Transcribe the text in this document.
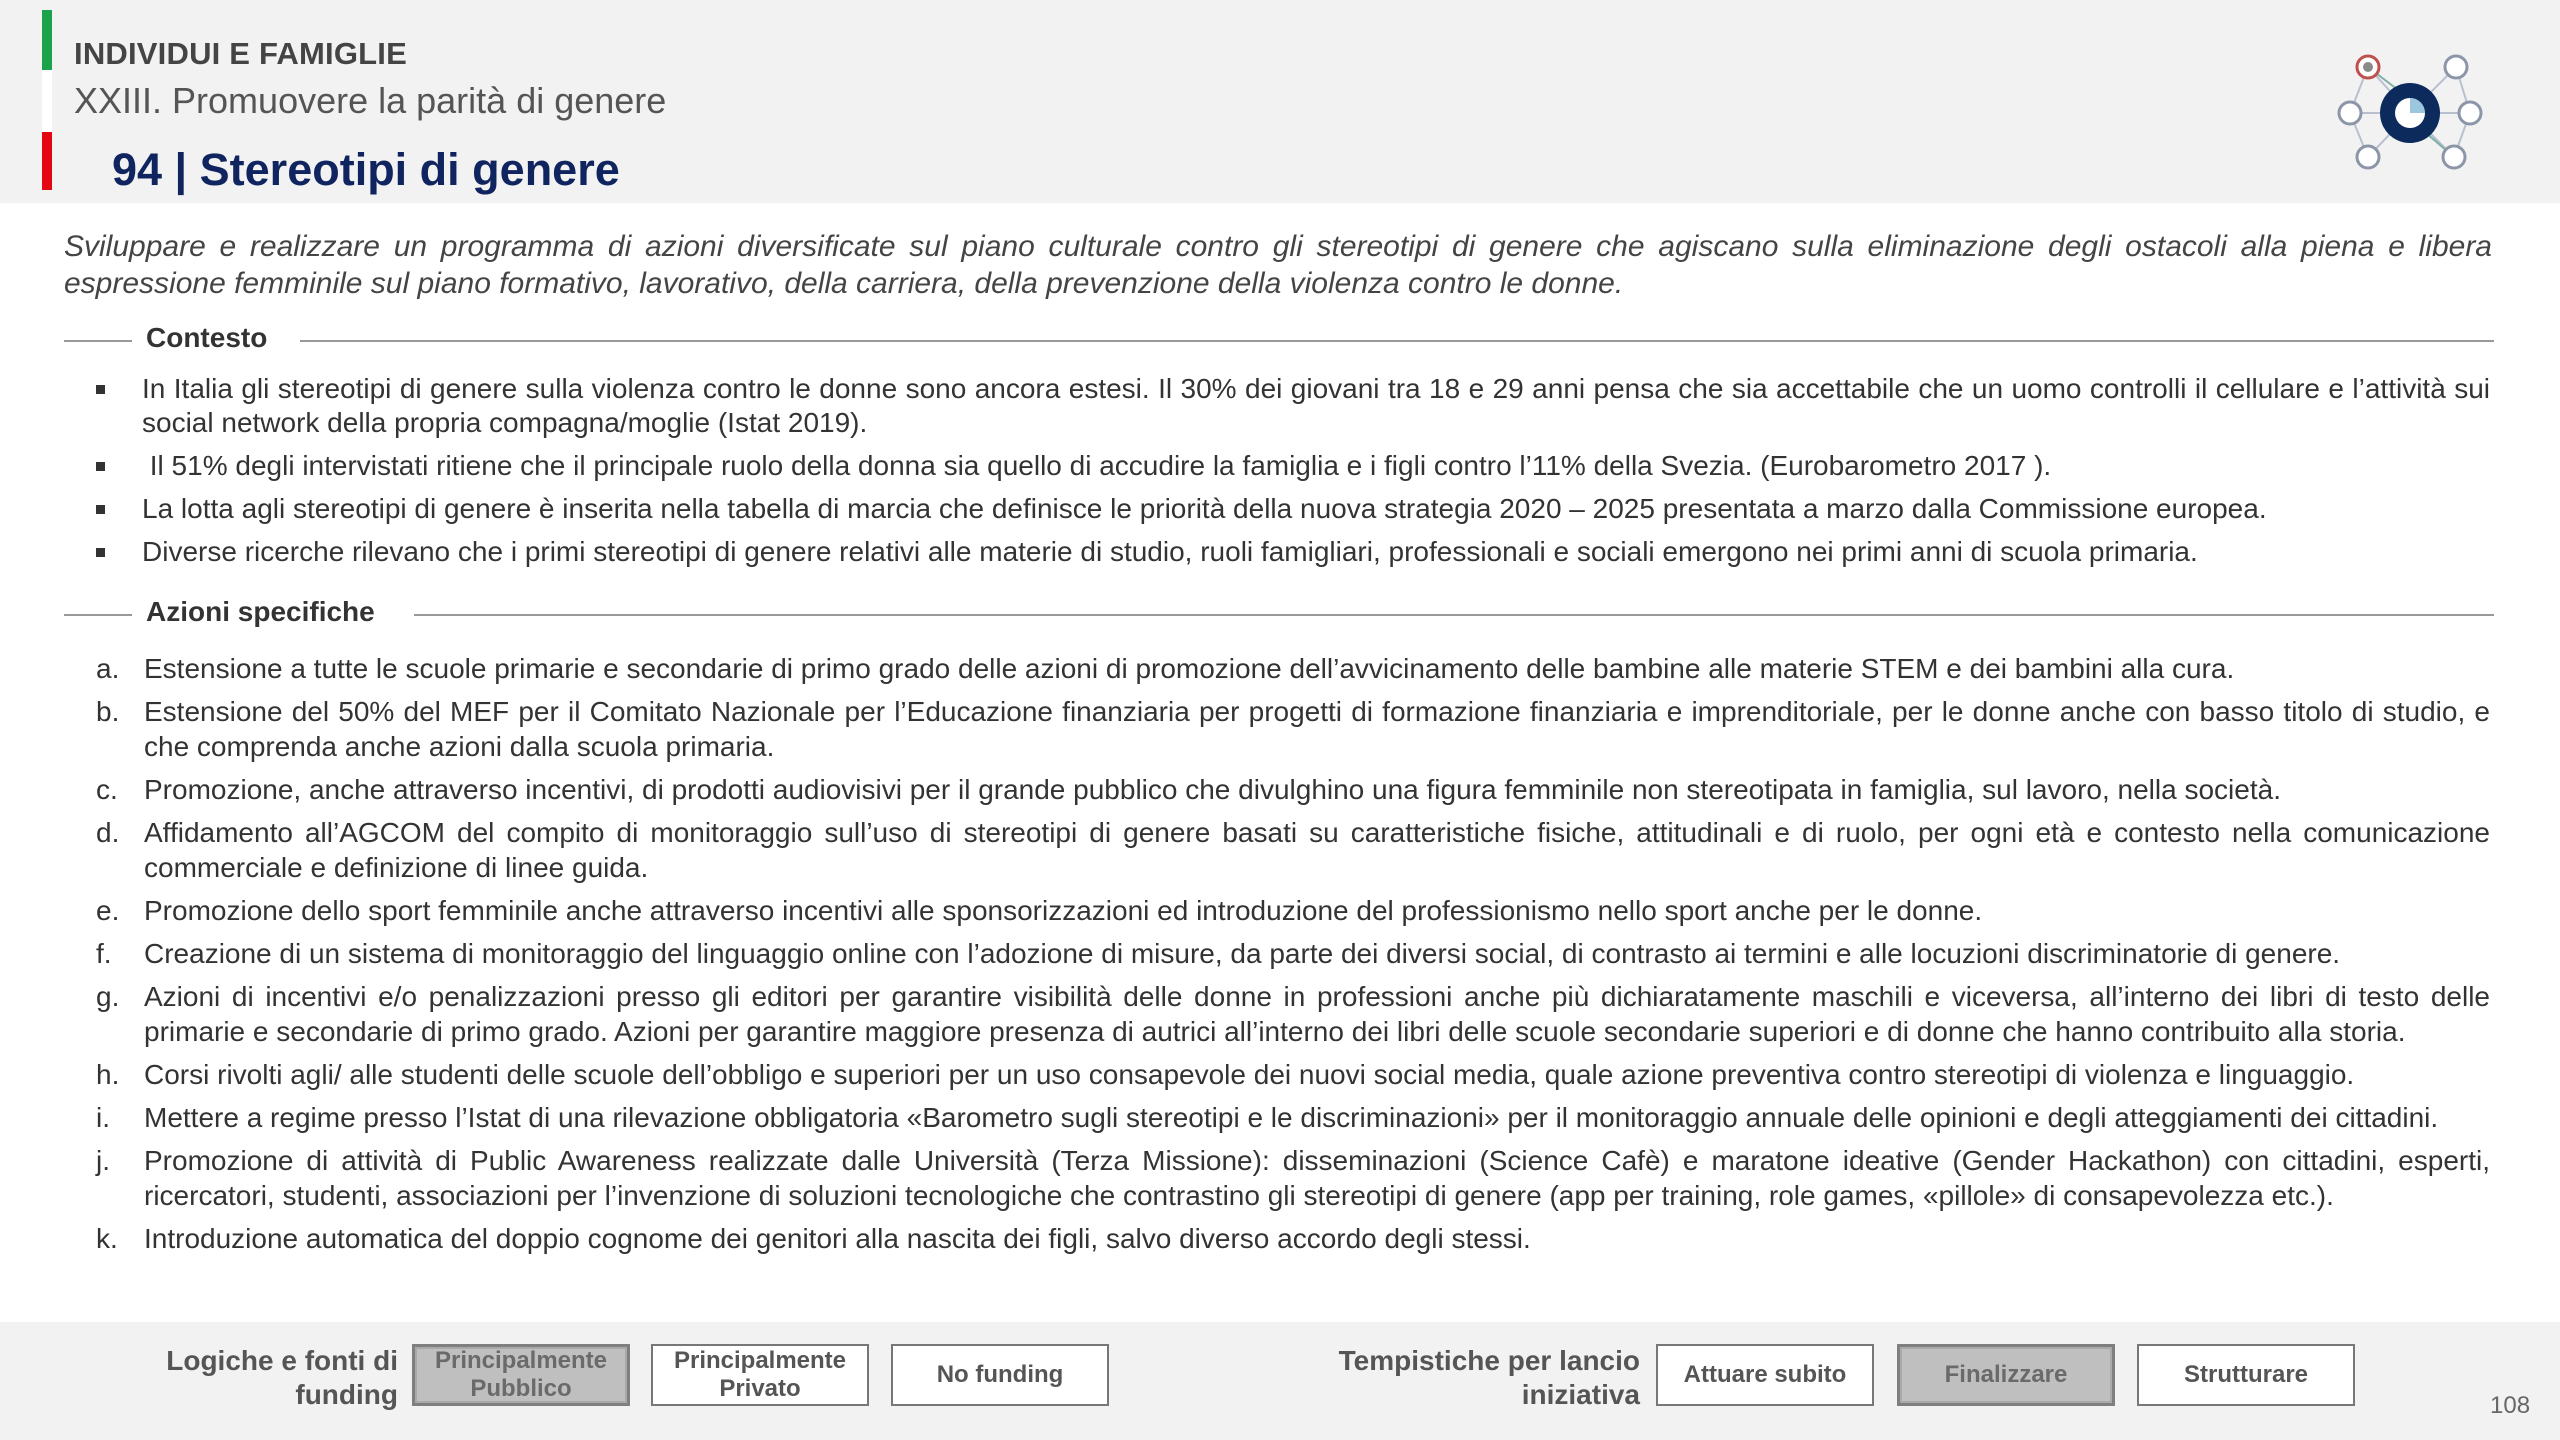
INDIVIDUI E FAMIGLIE
XXIII. Promuovere la parità di genere
94 | Stereotipi di genere
Sviluppare e realizzare un programma di azioni diversificate sul piano culturale contro gli stereotipi di genere che agiscano sulla eliminazione degli ostacoli alla piena e libera espressione femminile sul piano formativo, lavorativo, della carriera, della prevenzione della violenza contro le donne.
Contesto
In Italia gli stereotipi di genere sulla violenza contro le donne sono ancora estesi. Il 30% dei giovani tra 18 e 29 anni pensa che sia accettabile che un uomo controlli il cellulare e l’attività sui social network della propria compagna/moglie (Istat 2019).
Il 51% degli intervistati ritiene che il principale ruolo della donna sia quello di accudire la famiglia e i figli contro l’11% della Svezia. (Eurobarometro 2017 ).
La lotta agli stereotipi di genere è inserita nella tabella di marcia che definisce le priorità della nuova strategia 2020 – 2025 presentata a marzo dalla Commissione europea.
Diverse ricerche rilevano che i primi stereotipi di genere relativi alle materie di studio, ruoli famigliari, professionali e sociali emergono nei primi anni di scuola primaria.
Azioni specifiche
a. Estensione a tutte le scuole primarie e secondarie di primo grado delle azioni di promozione dell’avvicinamento delle bambine alle materie STEM e dei bambini alla cura.
b. Estensione del 50% del MEF per il Comitato Nazionale per l’Educazione finanziaria per progetti di formazione finanziaria e imprenditoriale, per le donne anche con basso titolo di studio, e che comprenda anche azioni dalla scuola primaria.
c. Promozione, anche attraverso incentivi, di prodotti audiovisivi per il grande pubblico che divulghino una figura femminile non stereotipata in famiglia, sul lavoro, nella società.
d. Affidamento all’AGCOM del compito di monitoraggio sull’uso di stereotipi di genere basati su caratteristiche fisiche, attitudinali e di ruolo, per ogni età e contesto nella comunicazione commerciale e definizione di linee guida.
e. Promozione dello sport femminile anche attraverso incentivi alle sponsorizzazioni ed introduzione del professionismo nello sport anche per le donne.
f. Creazione di un sistema di monitoraggio del linguaggio online con l’adozione di misure, da parte dei diversi social, di contrasto ai termini e alle locuzioni discriminatorie di genere.
g. Azioni di incentivi e/o penalizzazioni presso gli editori per garantire visibilità delle donne in professioni anche più dichiaratamente maschili e viceversa, all’interno dei libri di testo delle primarie e secondarie di primo grado. Azioni per garantire maggiore presenza di autrici all’interno dei libri delle scuole secondarie superiori e di donne che hanno contribuito alla storia.
h. Corsi rivolti agli/ alle studenti delle scuole dell’obbligo e superiori per un uso consapevole dei nuovi social media, quale azione preventiva contro stereotipi di violenza e linguaggio.
i. Mettere a regime presso l’Istat di una rilevazione obbligatoria «Barometro sugli stereotipi e le discriminazioni» per il monitoraggio annuale delle opinioni e degli atteggiamenti dei cittadini.
j. Promozione di attività di Public Awareness realizzate dalle Università (Terza Missione): disseminazioni (Science Cafè) e maratone ideative (Gender Hackathon) con cittadini, esperti, ricercatori, studenti, associazioni per l’invenzione di soluzioni tecnologiche che contrastino gli stereotipi di genere (app per training, role games, «pillole» di consapevolezza etc.).
k. Introduzione automatica del doppio cognome dei genitori alla nascita dei figli, salvo diverso accordo degli stessi.
Logiche e fonti di
funding
Principalmente
Pubblico
Principalmente
Privato
No funding	Tempistiche per lancio
iniziativa
Attuare subito	Finalizzare	Strutturare
108
